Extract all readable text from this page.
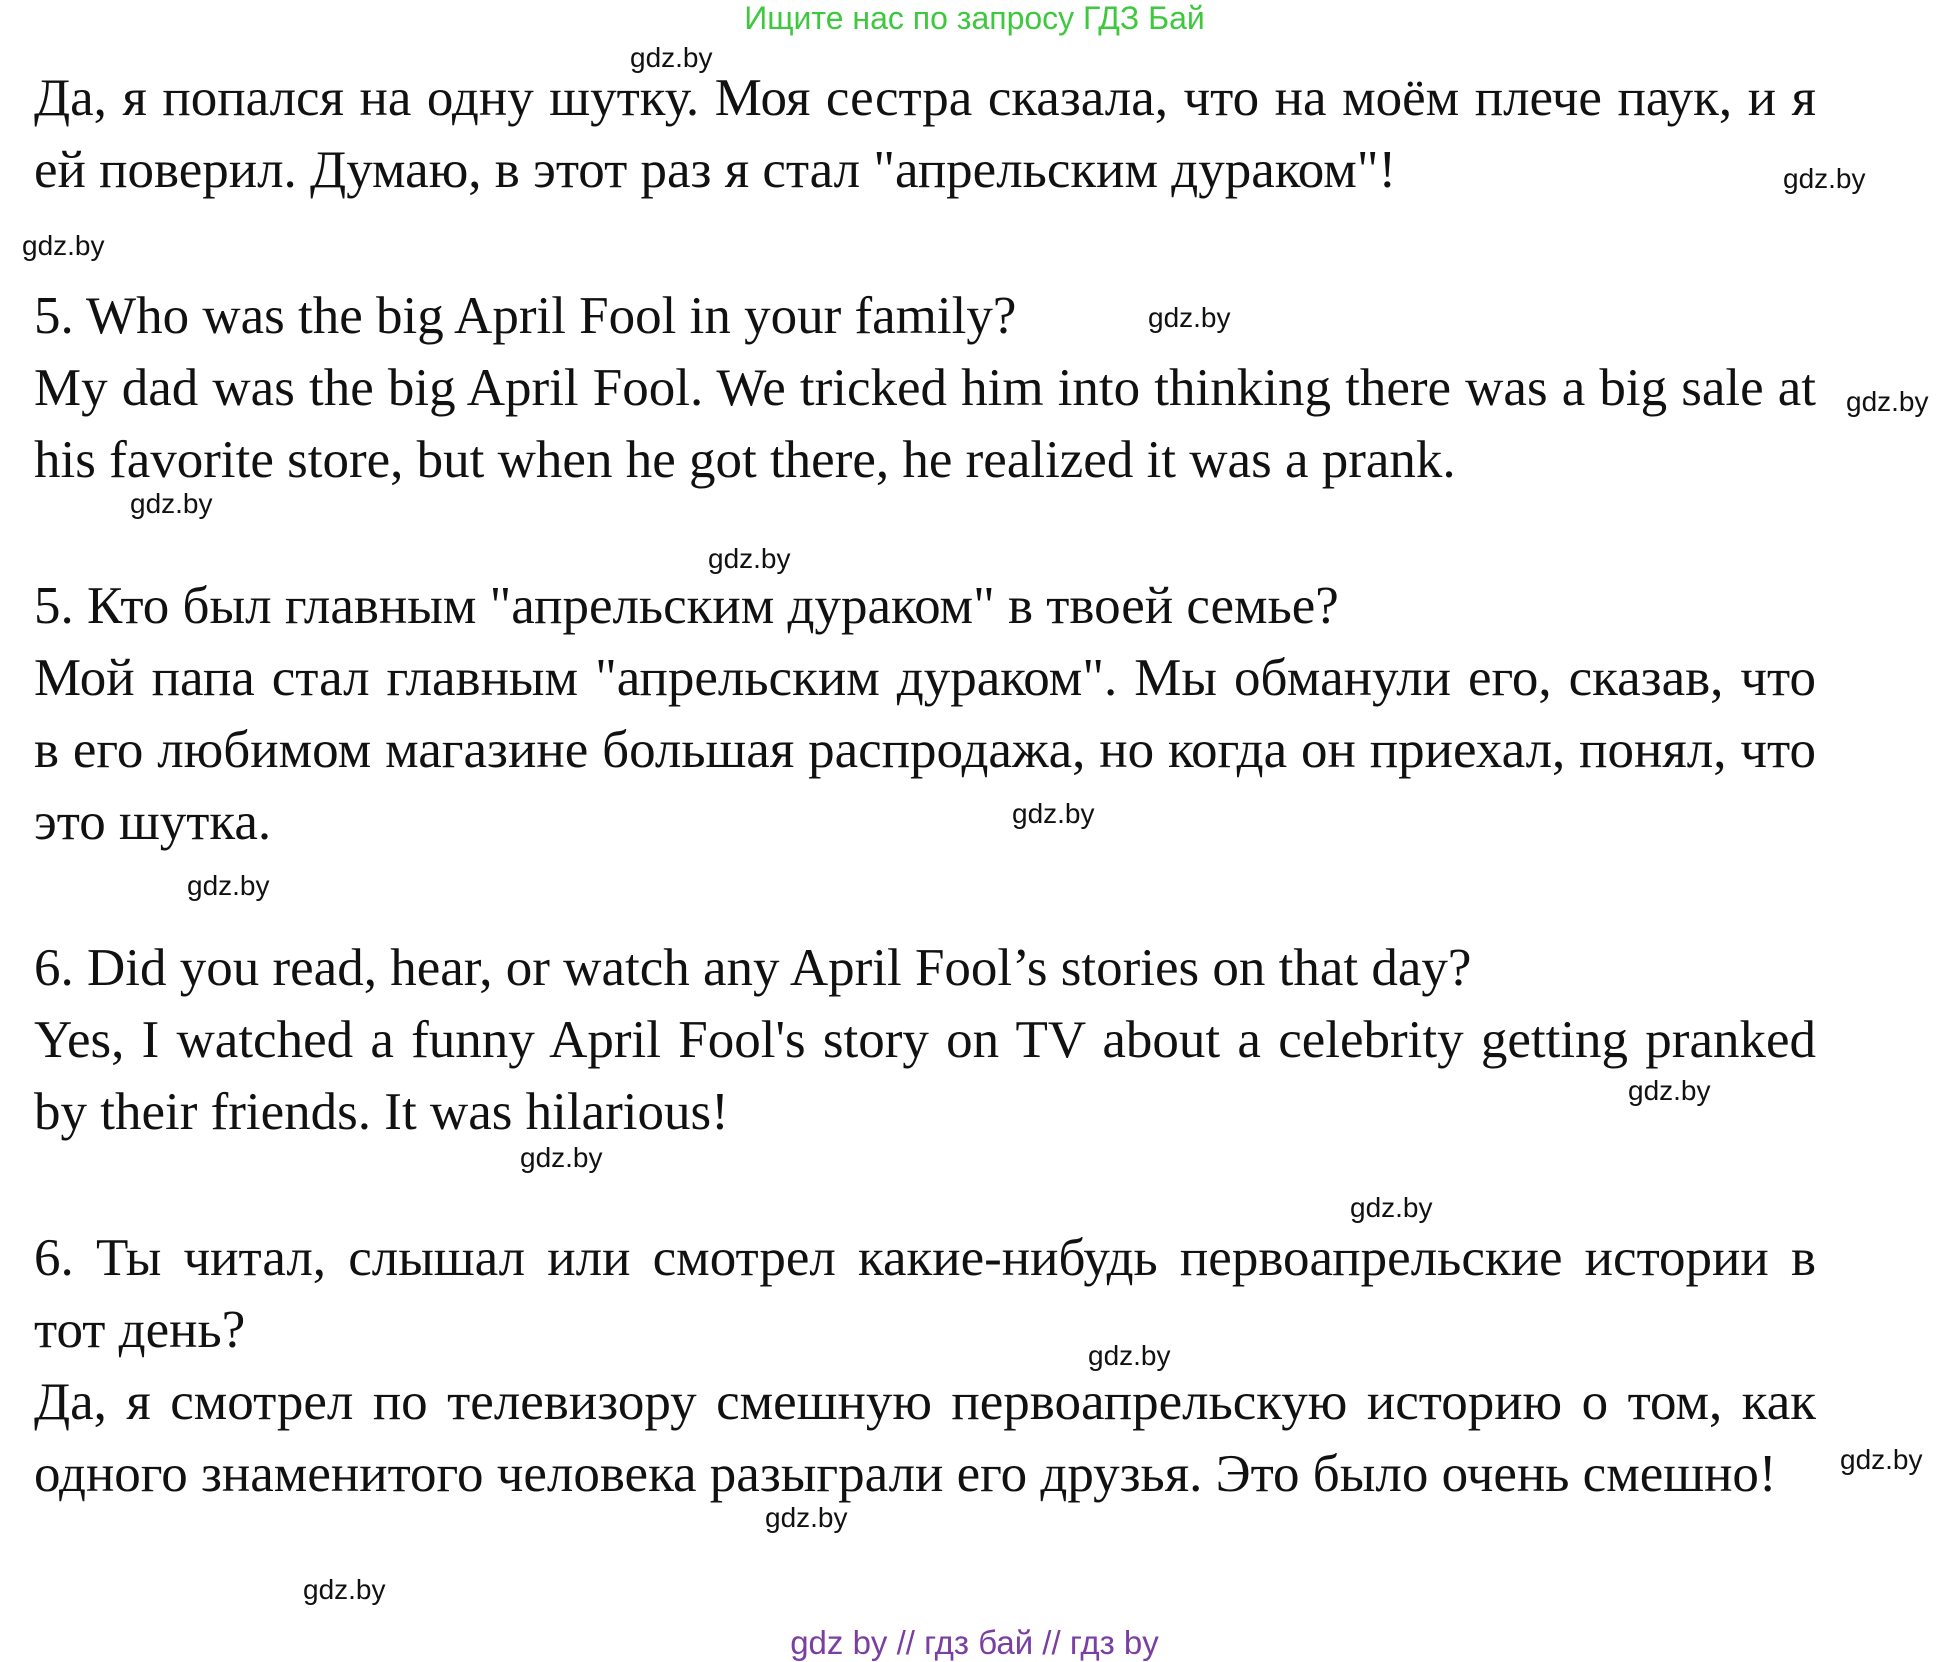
Ищите нас по запросу ГДЗ Бай

Да, я попался на одну шутку. Моя сестра сказала, что на моём плече паук, и я ей поверил. Думаю, в этот раз я стал "апрельским дураком"!

5. Who was the big April Fool in your family?

My dad was the big April Fool. We tricked him into thinking there was a big sale at his favorite store, but when he got there, he realized it was a prank.

5. Кто был главным "апрельским дураком" в твоей семье?

Мой папа стал главным "апрельским дураком". Мы обманули его, сказав, что в его любимом магазине большая распродажа, но когда он приехал, понял, что это шутка.

6. Did you read, hear, or watch any April Fool’s stories on that day?

Yes, I watched a funny April Fool's story on TV about a celebrity getting pranked by their friends. It was hilarious!

6. Ты читал, слышал или смотрел какие-нибудь первоапрельские истории в тот день?

Да, я смотрел по телевизору смешную первоапрельскую историю о том, как одного знаменитого человека разыграли его друзья. Это было очень смешно!

gdz.by
gdz.by
gdz.by
gdz.by
gdz.by
gdz.by
gdz.by
gdz.by
gdz.by
gdz.by
gdz.by
gdz.by
gdz.by
gdz.by
gdz.by
gdz.by
gdz by // гдз бай // гдз by
